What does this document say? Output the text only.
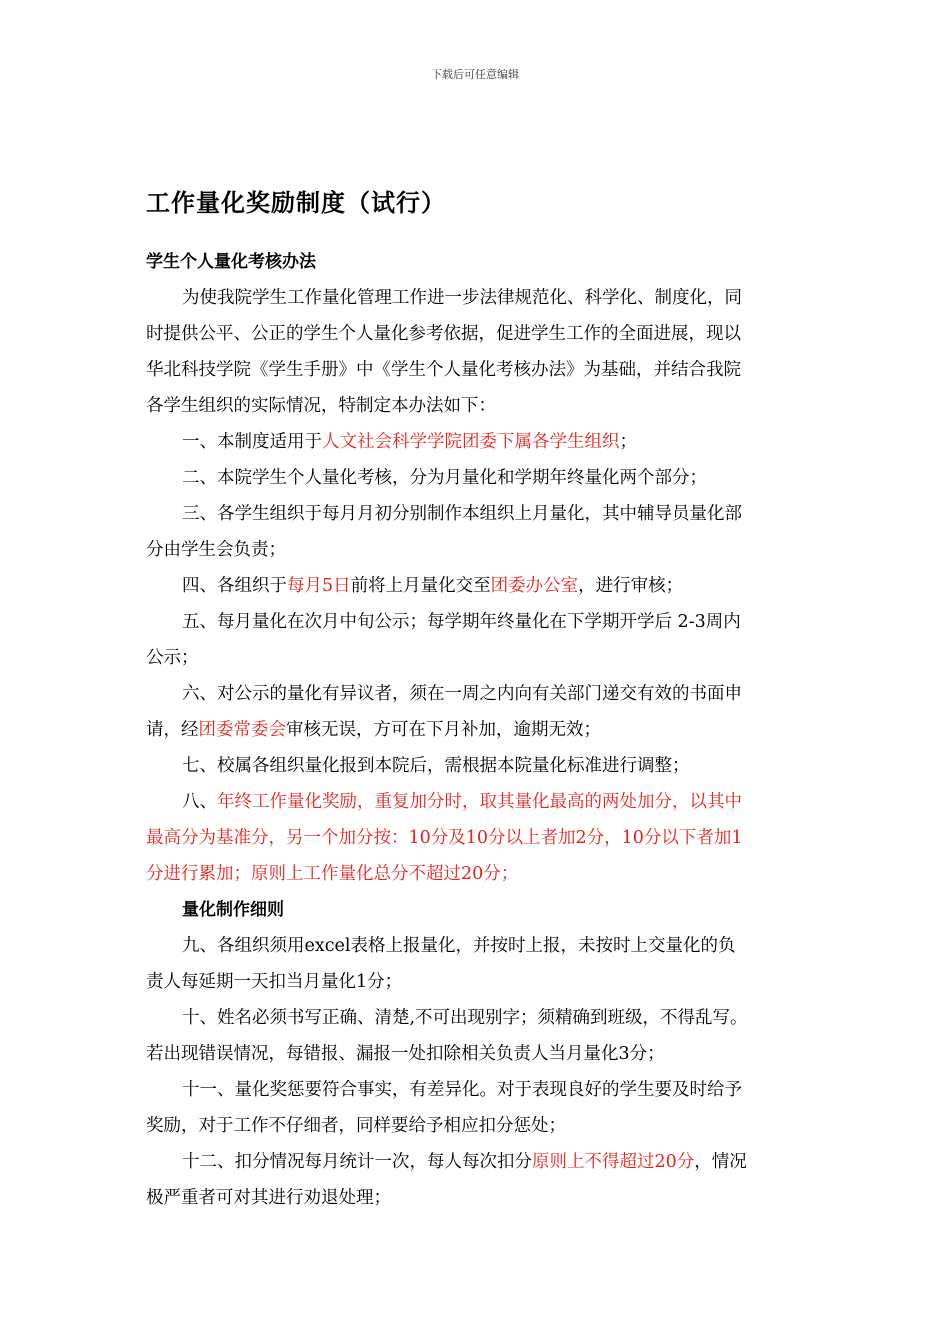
下载后可任意编辑
工作量化奖励制度（试行）
学生个人量化考核办法
为使我院学生工作量化管理工作进一步法律规范化、科学化、制度化，同
时提供公平、公正的学生个人量化参考依据，促进学生工作的全面进展，现以
华北科技学院《学生手册》中《学生个人量化考核办法》为基础，并结合我院
各学生组织的实际情况，特制定本办法如下：
一、本制度适用于人文社会科学学院团委下属各学生组织；
二、本院学生个人量化考核，分为月量化和学期年终量化两个部分；
三、各学生组织于每月月初分别制作本组织上月量化，其中辅导员量化部
分由学生会负责；
四、各组织于每月5日前将上月量化交至团委办公室，进行审核；
五、每月量化在次月中旬公示；每学期年终量化在下学期开学后 2-3周内
公示；
六、对公示的量化有异议者，须在一周之内向有关部门递交有效的书面申
请，经团委常委会审核无误，方可在下月补加，逾期无效；
七、校属各组织量化报到本院后，需根据本院量化标准进行调整；
八、年终工作量化奖励，重复加分时，取其量化最高的两处加分，以其中
最高分为基准分，另一个加分按：10分及10分以上者加2分，10分以下者加1
分进行累加；原则上工作量化总分不超过20分；
量化制作细则
九、各组织须用excel表格上报量化，并按时上报，未按时上交量化的负
责人每延期一天扣当月量化1分；
十、姓名必须书写正确、清楚,不可出现别字；须精确到班级，不得乱写。
若出现错误情况，每错报、漏报一处扣除相关负责人当月量化3分；
十一、量化奖惩要符合事实，有差异化。对于表现良好的学生要及时给予
奖励，对于工作不仔细者，同样要给予相应扣分惩处；
十二、扣分情况每月统计一次，每人每次扣分原则上不得超过20分，情况
极严重者可对其进行劝退处理；
